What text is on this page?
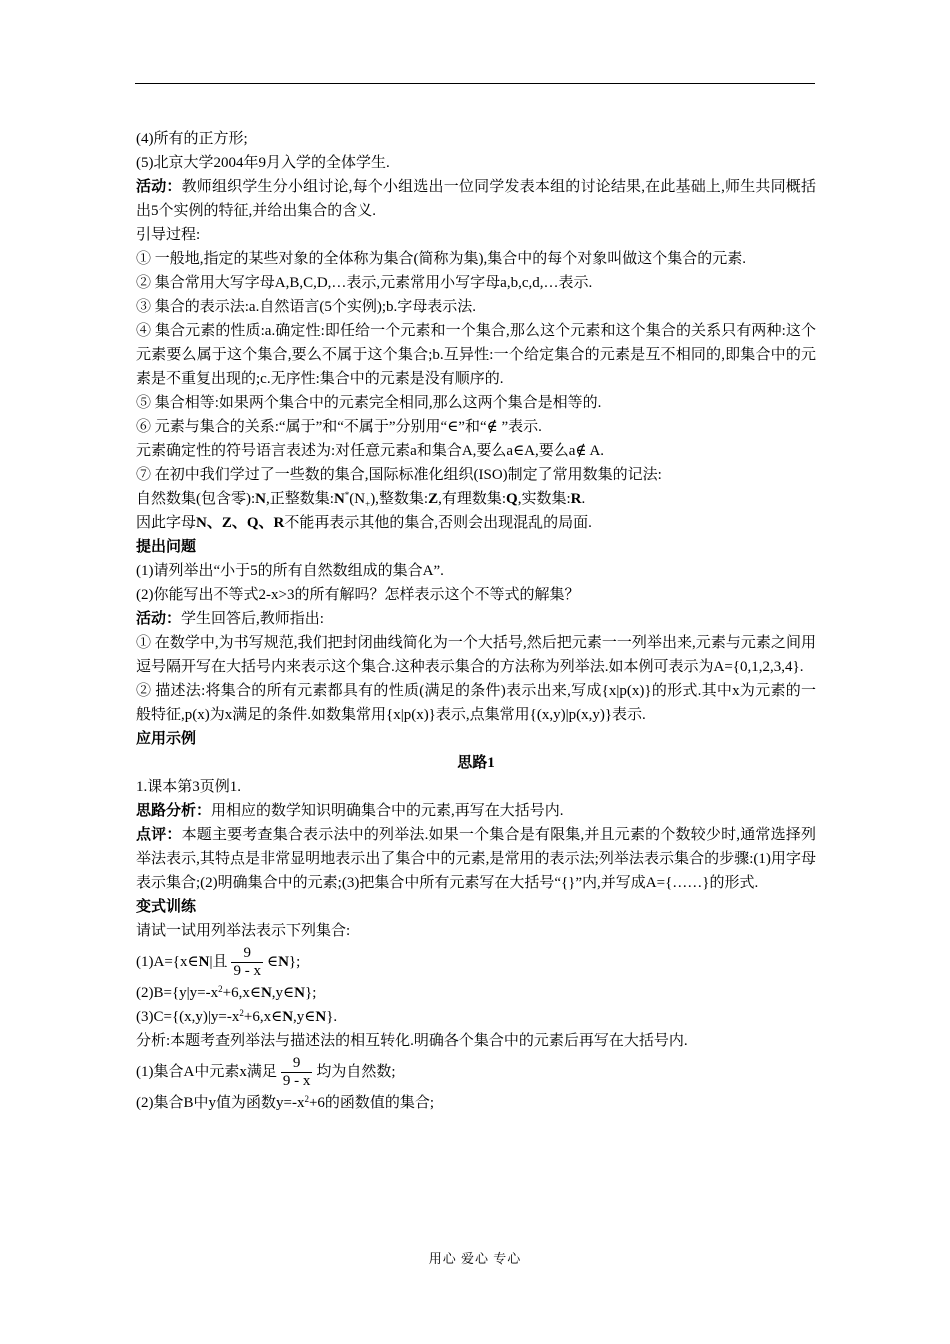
(4)所有的正方形;
(5)北京大学2004年9月入学的全体学生.
活动：教师组织学生分小组讨论,每个小组选出一位同学发表本组的讨论结果,在此基础上,师生共同概括出5个实例的特征,并给出集合的含义.
引导过程:
① 一般地,指定的某些对象的全体称为集合(简称为集),集合中的每个对象叫做这个集合的元素.
② 集合常用大写字母A,B,C,D,…表示,元素常用小写字母a,b,c,d,…表示.
③ 集合的表示法:a.自然语言(5个实例);b.字母表示法.
④ 集合元素的性质:a.确定性:即任给一个元素和一个集合,那么这个元素和这个集合的关系只有两种:这个元素要么属于这个集合,要么不属于这个集合;b.互异性:一个给定集合的元素是互不相同的,即集合中的元素是不重复出现的;c.无序性:集合中的元素是没有顺序的.
⑤ 集合相等:如果两个集合中的元素完全相同,那么这两个集合是相等的.
⑥ 元素与集合的关系:“属于”和“不属于”分别用“∈”和“∉ ”表示.
元素确定性的符号语言表述为:对任意元素a和集合A,要么a∈A,要么a∉ A.
⑦ 在初中我们学过了一些数的集合,国际标准化组织(ISO)制定了常用数集的记法:
自然数集(包含零):N,正整数集$:N^*(N_+)$,整数集:Z,有理数集:Q,实数集:R.
因此字母N、Z、Q、R不能再表示其他的集合,否则会出现混乱的局面.
提出问题
(1)请列举出“小于5的所有自然数组成的集合A”.
(2)你能写出不等式2-x>3的所有解吗？怎样表示这个不等式的解集？
活动：学生回答后,教师指出:
① 在数学中,为书写规范,我们把封闭曲线简化为一个大括号,然后把元素一一列举出来,元素与元素之间用逗号隔开写在大括号内来表示这个集合.这种表示集合的方法称为列举法.如本例可表示为A={0,1,2,3,4}.
② 描述法:将集合的所有元素都具有的性质(满足的条件)表示出来,写成{x|p(x)}的形式.其中x为元素的一般特征,p(x)为x满足的条件.如数集常用{x|p(x)}表示,点集常用{(x,y)|p(x,y)}表示.
应用示例
思路1
1.课本第3页例1.
思路分析：用相应的数学知识明确集合中的元素,再写在大括号内.
点评：本题主要考查集合表示法中的列举法.如果一个集合是有限集,并且元素的个数较少时,通常选择列举法表示,其特点是非常显明地表示出了集合中的元素,是常用的表示法;列举法表示集合的步骤:(1)用字母表示集合;(2)明确集合中的元素;(3)把集合中所有元素写在大括号“{}”内,并写成A={……}的形式.
变式训练
请试一试用列举法表示下列集合:
(1)A={x∈N|且 $\frac{9}{9 - x}$ ∈N};
$(2)B=\{y|y=-x^2+6,x\in N,y\in N\}$;
$(3)C=\{(x,y)|y=-x^2+6,x\in N,y\in N\}$.
分析:本题考查列举法与描述法的相互转化.明确各个集合中的元素后再写在大括号内.
(1)集合A中元素x满足 $\frac{9}{9 - x}$ 均为自然数;
(2)集合B中y值为函数$y=-x^2+6$的函数值的集合;
用心 爱心 专心
